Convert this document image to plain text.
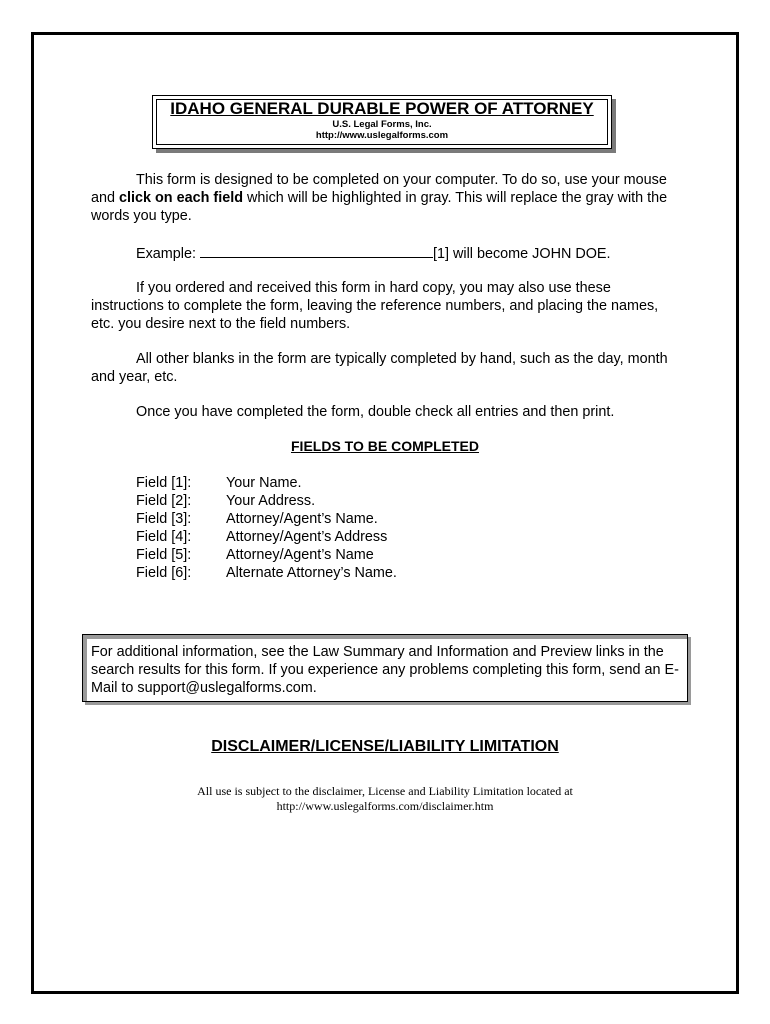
IDAHO GENERAL DURABLE POWER OF ATTORNEY
U.S. Legal Forms, Inc.
http://www.uslegalforms.com

This form is designed to be completed on your computer. To do so, use your mouse and click on each field which will be highlighted in gray. This will replace the gray with the words you type.

Example:	[1] will become JOHN DOE.

If you ordered and received this form in hard copy, you may also use these instructions to complete the form, leaving the reference numbers, and placing the names, etc. you desire next to the field numbers.

All other blanks in the form are typically completed by hand, such as the day, month and year, etc.

Once you have completed the form, double check all entries and then print.

FIELDS TO BE COMPLETED
Field [1]:	Your Name.
Field [2]:	Your Address.
Field [3]:	Attorney/Agent’s Name.
Field [4]:	Attorney/Agent’s Address
Field [5]:	Attorney/Agent’s Name
Field [6]:	Alternate Attorney’s Name.
For additional information, see the Law Summary and Information and Preview links in the search results for this form. If you experience any problems completing this form, send an E-Mail to support@uslegalforms.com.
DISCLAIMER/LICENSE/LIABILITY LIMITATION
All use is subject to the disclaimer, License and Liability Limitation located at
http://www.uslegalforms.com/disclaimer.htm
